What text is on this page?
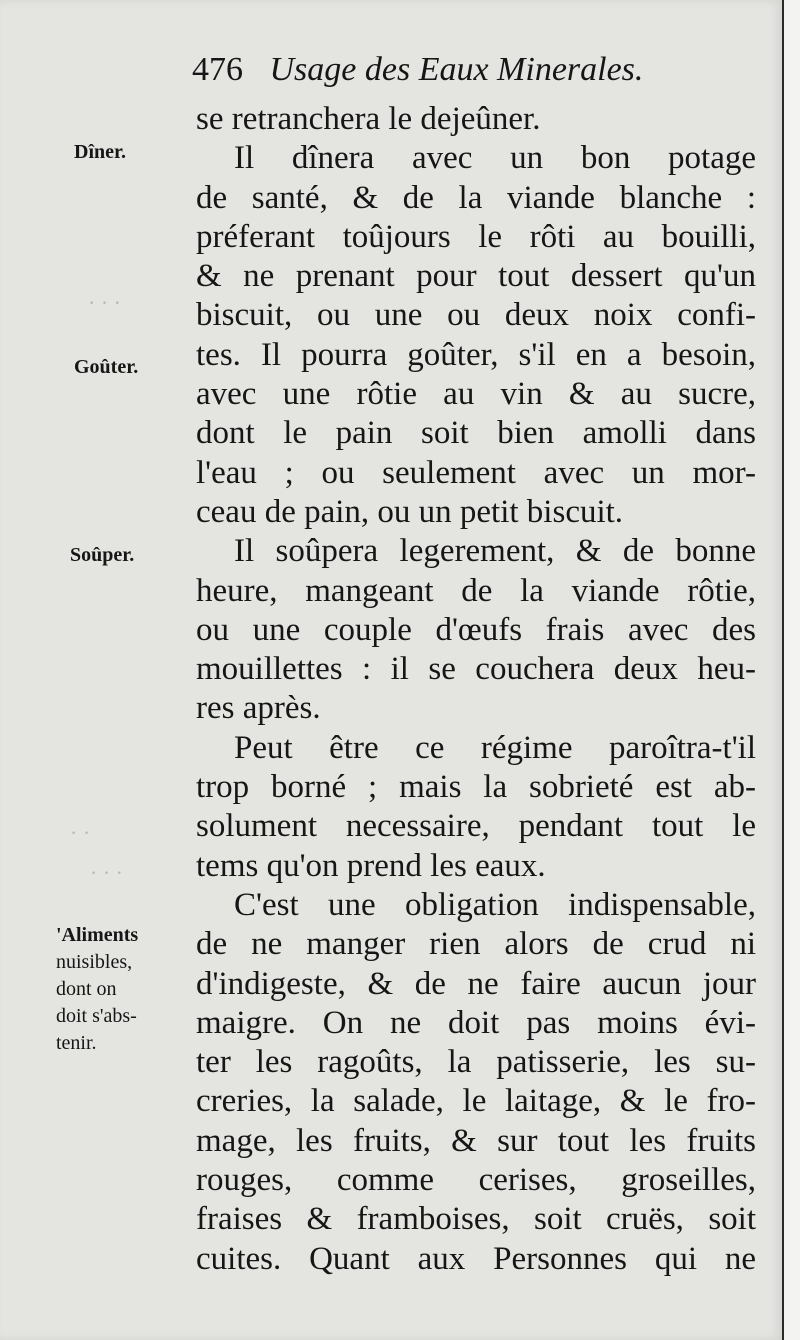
· · ·
· ·
· · ·
476 Usage des Eaux Minerales.
Dîner.
Goûter.
Soûper.
'Aliments
nuisibles,
dont on
doit s'abs-
tenir.
se retranchera le dejeûner.
Il dînera avec un bon potage
de santé, & de la viande blanche :
préferant toûjours le rôti au bouilli,
& ne prenant pour tout dessert qu'un
biscuit, ou une ou deux noix confi-
tes. Il pourra goûter, s'il en a besoin,
avec une rôtie au vin & au sucre,
dont le pain soit bien amolli dans
l'eau ; ou seulement avec un mor-
ceau de pain, ou un petit biscuit.
Il soûpera legerement, & de bonne
heure, mangeant de la viande rôtie,
ou une couple d'œufs frais avec des
mouillettes : il se couchera deux heu-
res après.
Peut être ce régime paroîtra-t'il
trop borné ; mais la sobrieté est ab-
solument necessaire, pendant tout le
tems qu'on prend les eaux.
C'est une obligation indispensable,
de ne manger rien alors de crud ni
d'indigeste, & de ne faire aucun jour
maigre. On ne doit pas moins évi-
ter les ragoûts, la patisserie, les su-
creries, la salade, le laitage, & le fro-
mage, les fruits, & sur tout les fruits
rouges, comme cerises, groseilles,
fraises & framboises, soit cruës, soit
cuites. Quant aux Personnes qui ne
